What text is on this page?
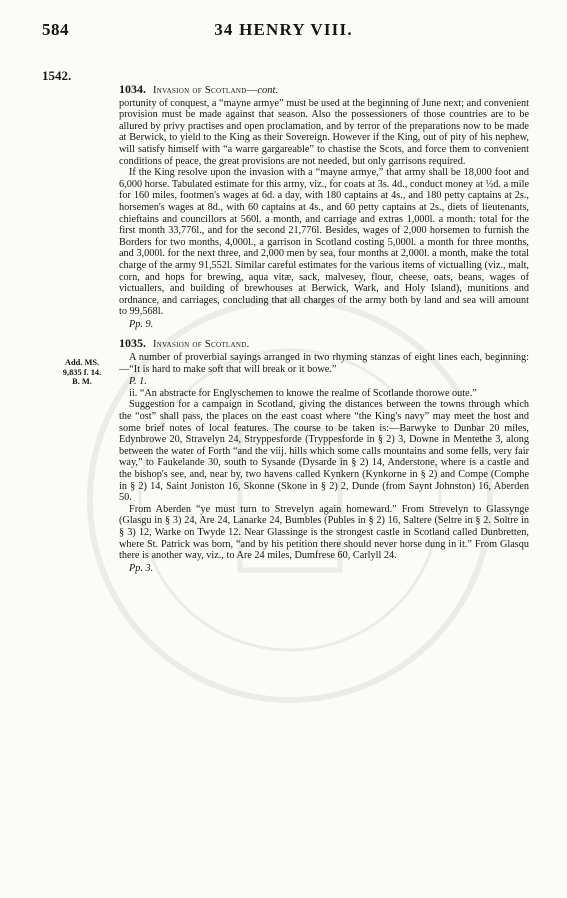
584	34 HENRY VIII.
1542.
1034. Invasion of Scotland—cont.

portunity of conquest, a “mayne armye” must be used at the beginning of June next; and convenient provision must be made against that season. Also the possessioners of those countries are to be allured by privy practises and open proclamation, and by terror of the preparations now to be made at Berwick, to yield to the King as their Sovereign. However if the King, out of pity of his nephew, will satisfy himself with “a warre gargareable” to chastise the Scots, and force them to convenient conditions of peace, the great provisions are not needed, but only garrisons required.

If the King resolve upon the invasion with a “mayne armye,” that army shall be 18,000 foot and 6,000 horse. Tabulated estimate for this army, viz., for coats at 3s. 4d., conduct money at ½d. a mile for 160 miles, footmen's wages at 6d. a day, with 180 captains at 4s., and 180 petty captains at 2s., horsemen's wages at 8d., with 60 captains at 4s., and 60 petty captains at 2s., diets of lieutenants, chieftains and councillors at 560l. a month, and carriage and extras 1,000l. a month: total for the first month 33,776l., and for the second 21,776l. Besides, wages of 2,000 horsemen to furnish the Borders for two months, 4,000l., a garrison in Scotland costing 5,000l. a month for three months, and 3,000l. for the next three, and 2,000 men by sea, four months at 2,000l. a month, make the total charge of the army 91,552l. Similar careful estimates for the various items of victualling (viz., malt, corn, and hops for brewing, aqua vitæ, sack, malvesey, flour, cheese, oats, beans, wages of victuallers, and building of brewhouses at Berwick, Wark, and Holy Island), munitions and ordnance, and carriages, concluding that all charges of the army both by land and sea will amount to 99,568l.

Pp. 9.

Add. MS.
9,835 f. 14.
B. M.
1035. Invasion of Scotland.

A number of proverbial sayings arranged in two rhyming stanzas of eight lines each, beginning:—“It is hard to make soft that will break or it bowe.”

P. 1.

ii. “An abstracte for Englyschemen to knowe the realme of Scotlande thorowe oute.”

Suggestion for a campaign in Scotland, giving the distances between the towns through which the “ost” shall pass, the places on the east coast where “the King's navy” may meet the host and some brief notes of local features. The course to be taken is:—Barwyke to Dunbar 20 miles, Edynbrowe 20, Stravelyn 24, Stryppesforde (Tryppesforde in § 2) 3, Downe in Mentethe 3, along between the water of Forth “and the viij. hills which some calls mountains and some fells, very fair way,” to Faukelande 30, south to Sysande (Dysarde in § 2) 14, Anderstone, where is a castle and the bishop's see, and, near by, two havens called Kynkern (Kynkorne in § 2) and Compe (Comphe in § 2) 14, Saint Joniston 16, Skonne (Skone in § 2) 2, Dunde (from Saynt Johnston) 16, Aberden 50.

From Aberden “ye must turn to Strevelyn again homeward.” From Strevelyn to Glassynge (Glasgu in § 3) 24, Are 24, Lanarke 24, Bumbles (Publes in § 2) 16, Saltere (Seltre in § 2. Soltre in § 3) 12, Warke on Twyde 12. Near Glassinge is the strongest castle in Scotland called Dunbretten, where St. Patrick was born, “and by his petition there should never horse dung in it.” From Glasqu there is another way, viz., to Are 24 miles, Dumfrese 60, Carlyll 24.

Pp. 3.
